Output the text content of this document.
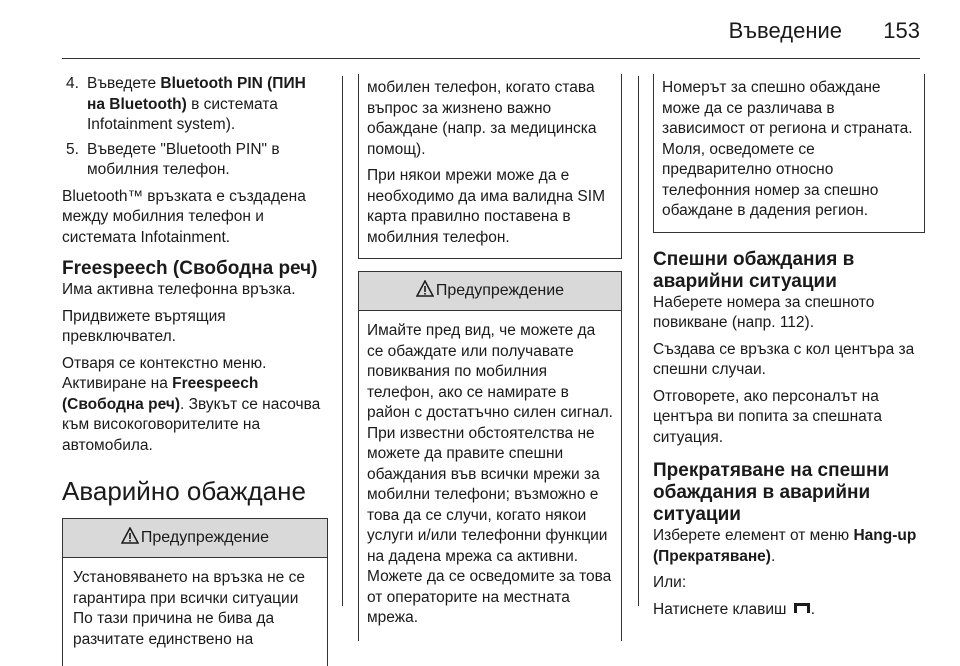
Въведение 153
4. Въведете Bluetooth PIN (ПИН на Bluetooth) в системата Infotainment system).
5. Въведете "Bluetooth PIN" в мобилния телефон.

Bluetooth™ връзката е създадена между мобилния телефон и системата Infotainment.

Freespeech (Свободна реч)

Има активна телефонна връзка.

Придвижете въртящия превключвател.

Отваря се контекстно меню. Активиране на Freespeech (Свободна реч). Звукът се насочва към високоговорителите на автомобила.

Аварийно обаждане
Предупреждение

Установяването на връзка не се гарантира при всички ситуации По тази причина не бива да разчитате единствено на

мобилен телефон, когато става въпрос за жизнено важно обаждане (напр. за медицинска помощ).

При някои мрежи може да е необходимо да има валидна SIM карта правилно поставена в мобилния телефон.

Предупреждение

Имайте пред вид, че можете да се обаждате или получавате повиквания по мобилния телефон, ако се намирате в район с достатъчно силен сигнал. При известни обстоятелства не можете да правите спешни обаждания във всички мрежи за мобилни телефони; възможно е това да се случи, когато някои услуги и/или телефонни функции на дадена мрежа са активни. Можете да се осведомите за това от операторите на местната мрежа.

Номерът за спешно обаждане може да се различава в зависимост от региона и страната. Моля, осведомете се предварително относно телефонния номер за спешно обаждане в дадения регион.

Спешни обаждания в аварийни ситуации

Наберете номера за спешното повикване (напр. 112).

Създава се връзка с кол центъра за спешни случаи.

Отговорете, ако персоналът на центъра ви попита за спешната ситуация.

Прекратяване на спешни обаждания в аварийни ситуации

Изберете елемент от меню Hang-up (Прекратяване).

Или:

Натиснете клавиш .
